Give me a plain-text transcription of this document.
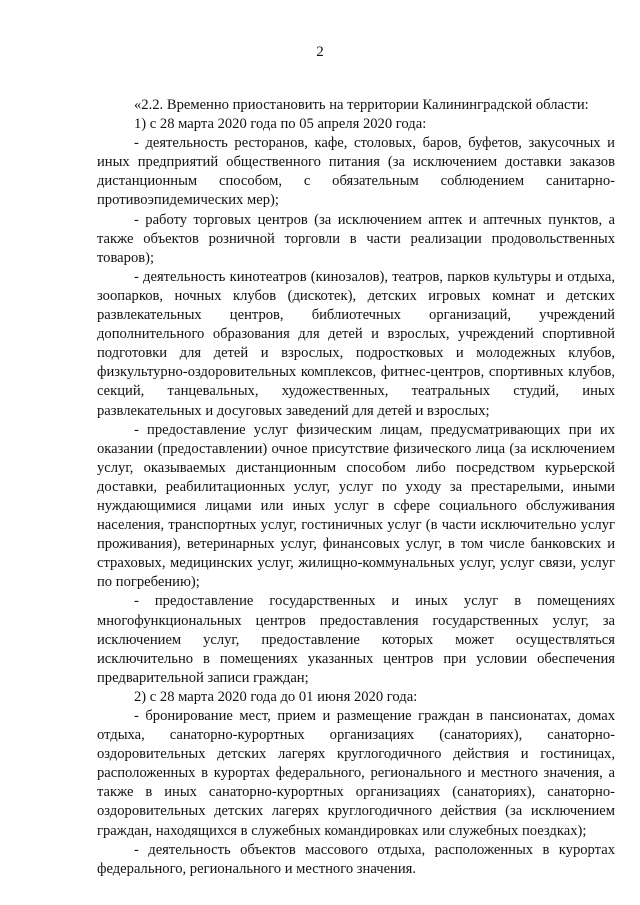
2

«2.2. Временно приостановить на территории Калининградской области:

1) с 28 марта 2020 года по 05 апреля 2020 года:

- деятельность ресторанов, кафе, столовых, баров, буфетов, закусочных и иных предприятий общественного питания (за исключением доставки заказов дистанционным способом, с обязательным соблюдением санитарно-противоэпидемических мер);

- работу торговых центров (за исключением аптек и аптечных пунктов, а также объектов розничной торговли в части реализации продовольственных товаров);

- деятельность кинотеатров (кинозалов), театров, парков культуры и отдыха, зоопарков, ночных клубов (дискотек), детских игровых комнат и детских развлекательных центров, библиотечных организаций, учреждений дополнительного образования для детей и взрослых, учреждений спортивной подготовки для детей и взрослых, подростковых и молодежных клубов, физкультурно-оздоровительных комплексов, фитнес-центров, спортивных клубов, секций, танцевальных, художественных, театральных студий, иных развлекательных и досуговых заведений для детей и взрослых;

- предоставление услуг физическим лицам, предусматривающих при их оказании (предоставлении) очное присутствие физического лица (за исключением услуг, оказываемых дистанционным способом либо посредством курьерской доставки, реабилитационных услуг, услуг по уходу за престарелыми, иными нуждающимися лицами или иных услуг в сфере социального обслуживания населения, транспортных услуг, гостиничных услуг (в части исключительно услуг проживания), ветеринарных услуг, финансовых услуг, в том числе банковских и страховых, медицинских услуг, жилищно-коммунальных услуг, услуг связи, услуг по погребению);

- предоставление государственных и иных услуг в помещениях многофункциональных центров предоставления государственных услуг, за исключением услуг, предоставление которых может осуществляться исключительно в помещениях указанных центров при условии обеспечения предварительной записи граждан;

2) с 28 марта 2020 года до 01 июня 2020 года:

- бронирование мест, прием и размещение граждан в пансионатах, домах отдыха, санаторно-курортных организациях (санаториях), санаторно-оздоровительных детских лагерях круглогодичного действия и гостиницах, расположенных в курортах федерального, регионального и местного значения, а также в иных санаторно-курортных организациях (санаториях), санаторно-оздоровительных детских лагерях круглогодичного действия (за исключением граждан, находящихся в служебных командировках или служебных поездках);

- деятельность объектов массового отдыха, расположенных в курортах федерального, регионального и местного значения.
